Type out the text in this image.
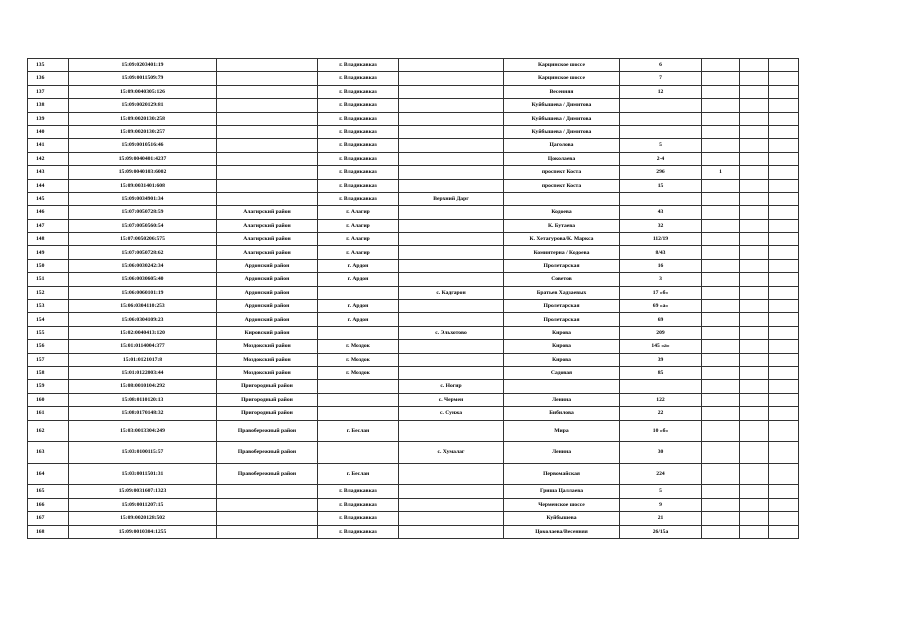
135	15:09:0203401:19		г. Владикавказ		Карцинское шоссе	6			
136	15:09:0011509:79		г. Владикавказ		Карцинское шоссе	7			
137	15:09:0040305:126		г. Владикавказ		Весенняя	12			
138	15:09:0020129:81		г. Владикавказ		Куйбышева / Димитова				
139	15:09:0020130:258		г. Владикавказ		Куйбышева / Димитова				
140	15:09:0020130:257		г. Владикавказ		Куйбышева / Димитова				
141	15:09:0010516:46		г. Владикавказ		Цаголова	5			
142	15:09:0040401:4237		г. Владикавказ		Цоколаева	2-4			
143	15:09:0040103:6002		г. Владикавказ		проспект Коста	296	1		
144	15:09:0031401:608		г. Владикавказ		проспект Коста	15			
145	15:09:0034901:34		г. Владикавказ	Верхний Дарг					
146	15:07:0050728:59	Алагирский район	г. Алагир		Кодоева	43			
147	15:07:0050560:54	Алагирский район	г. Алагир		К. Бутаева	32			
148	15:07:0050206:575	Алагирский район	г. Алагир		К. Хетагурова/К. Маркса	112/19			
149	15:07:0050728:62	Алагирский район	г. Алагир		Коминтерна / Кодоева	8/43			
150	15:06:0030242:34	Ардонский район	г. Ардон		Пролетарская	16			
151	15:06:0030605:40	Ардонский район	г. Ардон		Советов	3			
152	15:06:0060101:19	Ардонский район		с. Кадгарон	Братьев Хадзаевых	17 «б»			
153	15:06:0304110:253	Ардонский район	г. Ардон		Пролетарская	69 «а»			
154	15:06:0304109:23	Ардонский район	г. Ардон		Пролетарская	69			
155	15:02:0040413:120	Кировский район		с. Эльхотово	Кирова	209			
156	15:01:0114004:377	Моздокский район	г. Моздок		Кирова	145 «а»			
157	15:01:0121017:8	Моздокский район	г. Моздок		Кирова	39			
158	15:01:0122003:44	Моздокский район	г. Моздок		Садовая	85			
159	15:08:0010104:292	Пригородный район		с. Ногир					
160	15:08:0110120:13	Пригородный район		с. Чермен	Ленина	122			
161	15:08:0170148:32	Пригородный район		с. Сунжа	Бибилова	22			
162	15:03:0013304:249	Правобережный район	г. Беслан		Мира	10 «б»			
163	15:03:0100115:57	Правобережный район		с. Хумалаг	Ленина	30			
164	15:03:0011501:31	Правобережный район	г. Беслан		Первомайская	224			
165	15:09:0031607:1323		г. Владикавказ		Гриша Цаллаева	5			
166	15:09:0011207:15		г. Владикавказ		Черменское шоссе	9			
167	15:09:0020128:502		г. Владикавказ		Куйбышева	21			
168	15:09:0010304:1255		г. Владикавказ		Цоколаева/Весенняя	26/15а			
